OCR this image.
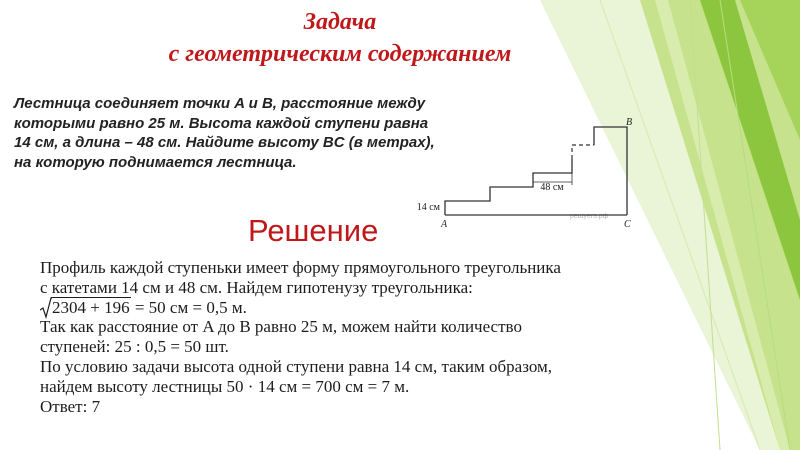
Задача
с геометрическим содержанием
Лестница соединяет точки A и B, расстояние между
которыми равно 25 м. Высота каждой ступени равна
14 см, а длина – 48 см. Найдите высоту BC (в метрах),
на которую поднимается лестница.
решуегэ.рф
48 см
14 см
A
B
C
Решение
Профиль каждой ступеньки имеет форму прямоугольного треугольника
с катетами 14 см и 48 см. Найдем гипотенузу треугольника:
2304 + 196 = 50 см = 0,5 м.
Так как расстояние от A до B равно 25 м, можем найти количество
ступеней: 25 : 0,5 = 50 шт.
По условию задачи высота одной ступени равна 14 см, таким образом,
найдем высоту лестницы 50 · 14 см = 700 см = 7 м.
Ответ: 7
